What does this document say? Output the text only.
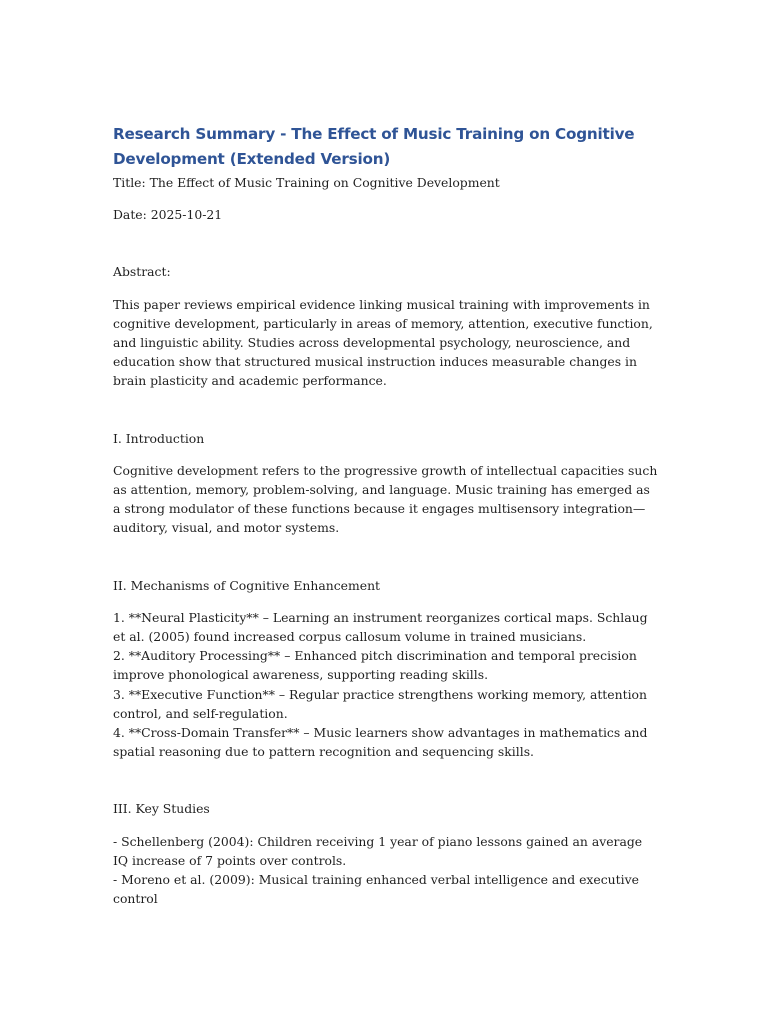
Research Summary - The Effect of Music Training on Cognitive Development (Extended Version)
Title: The Effect of Music Training on Cognitive Development
Date: 2025-10-21
Abstract:
This paper reviews empirical evidence linking musical training with improvements in cognitive development, particularly in areas of memory, attention, executive function, and linguistic ability. Studies across developmental psychology, neuroscience, and education show that structured musical instruction induces measurable changes in brain plasticity and academic performance.
I. Introduction
Cognitive development refers to the progressive growth of intellectual capacities such as attention, memory, problem-solving, and language. Music training has emerged as a strong modulator of these functions because it engages multisensory integration—auditory, visual, and motor systems.
II. Mechanisms of Cognitive Enhancement
1. **Neural Plasticity** – Learning an instrument reorganizes cortical maps. Schlaug et al. (2005) found increased corpus callosum volume in trained musicians.
2. **Auditory Processing** – Enhanced pitch discrimination and temporal precision improve phonological awareness, supporting reading skills.
3. **Executive Function** – Regular practice strengthens working memory, attention control, and self-regulation.
4. **Cross-Domain Transfer** – Music learners show advantages in mathematics and spatial reasoning due to pattern recognition and sequencing skills.
III. Key Studies
- Schellenberg (2004): Children receiving 1 year of piano lessons gained an average IQ increase of 7 points over controls.
- Moreno et al. (2009): Musical training enhanced verbal intelligence and executive control
